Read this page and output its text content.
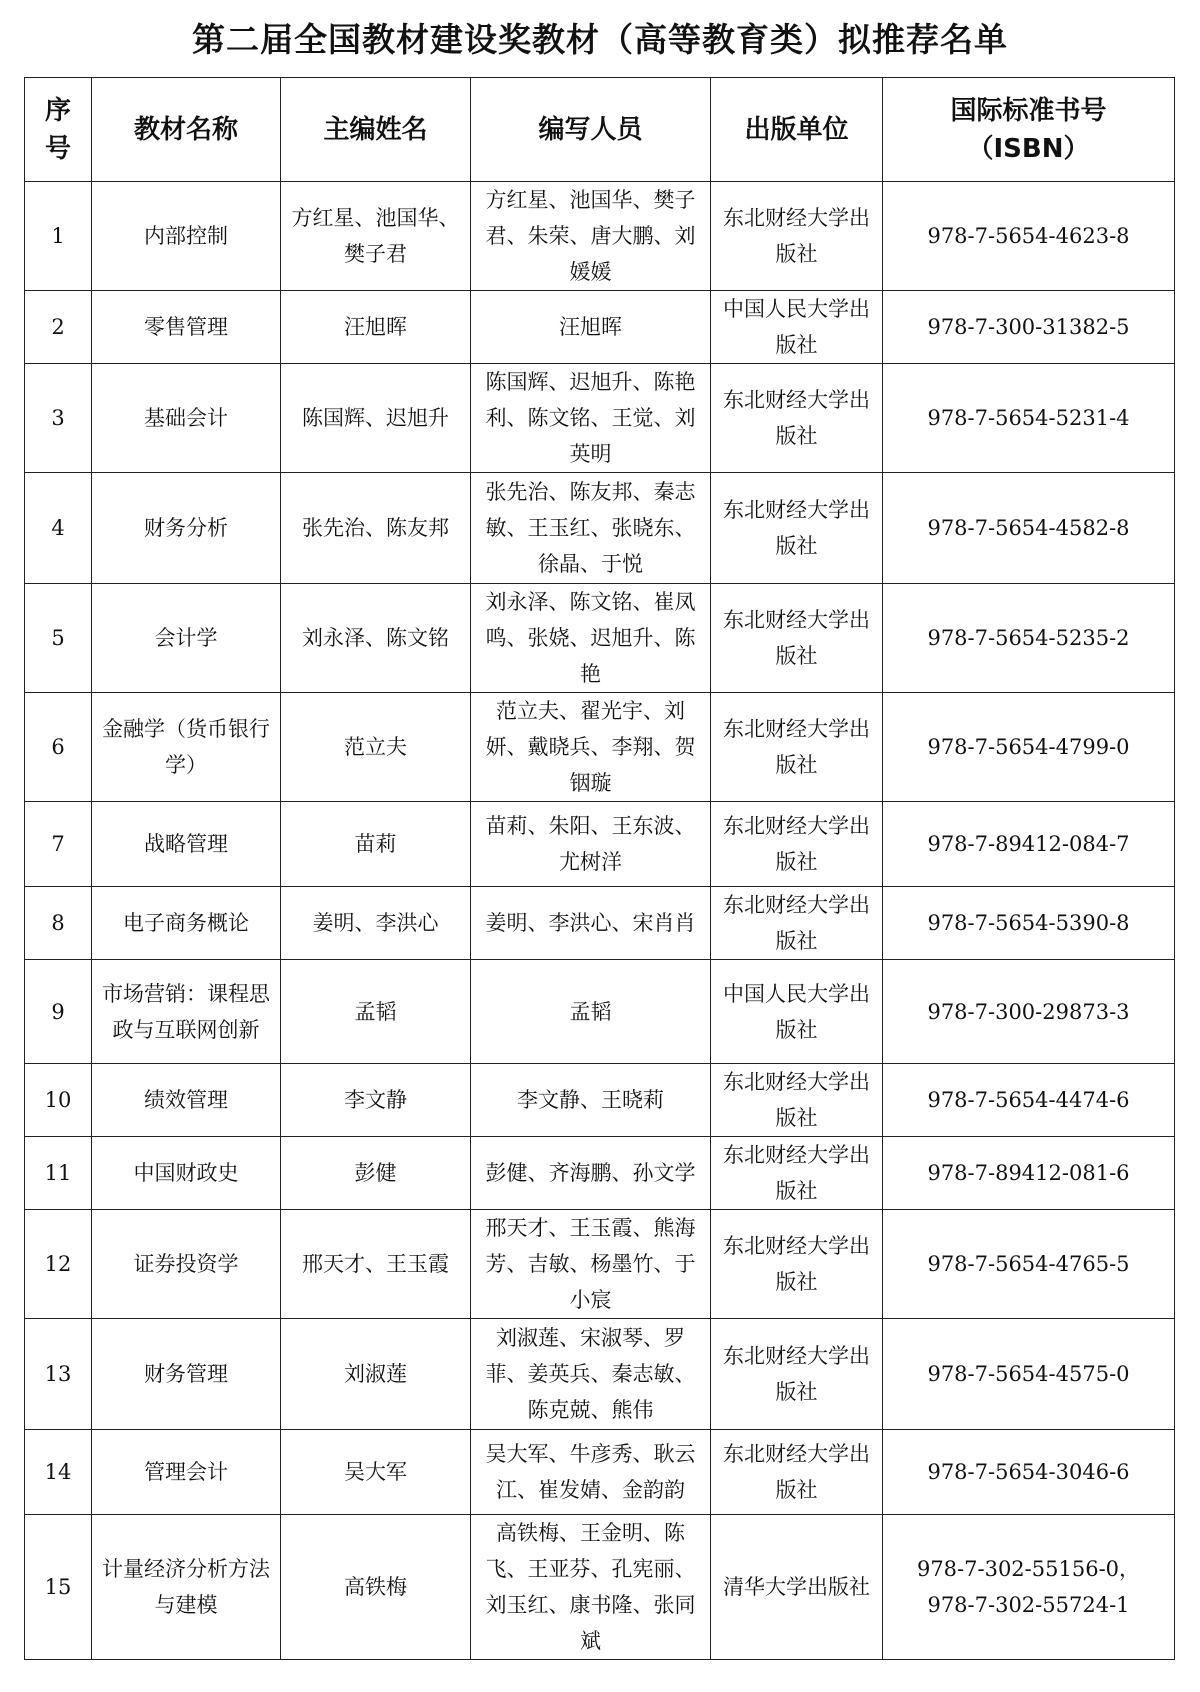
第二届全国教材建设奖教材（高等教育类）拟推荐名单
序号	教材名称	主编姓名	编写人员	出版单位	国际标准书号
（ISBN）

1	内部控制	方红星、池国华、樊子君	方红星、池国华、樊子君、朱荣、唐大鹏、刘媛媛	东北财经大学出版社	978-7-5654-4623-8

2	零售管理	汪旭晖	汪旭晖	中国人民大学出版社	978-7-300-31382-5

3	基础会计	陈国辉、迟旭升	陈国辉、迟旭升、陈艳利、陈文铭、王觉、刘英明	东北财经大学出版社	978-7-5654-5231-4

4	财务分析	张先治、陈友邦	张先治、陈友邦、秦志敏、王玉红、张晓东、徐晶、于悦	东北财经大学出版社	978-7-5654-4582-8

5	会计学	刘永泽、陈文铭	刘永泽、陈文铭、崔凤鸣、张娆、迟旭升、陈艳	东北财经大学出版社	978-7-5654-5235-2

6	金融学（货币银行学）	范立夫	范立夫、翟光宇、刘妍、戴晓兵、李翔、贺铟璇	东北财经大学出版社	978-7-5654-4799-0

7	战略管理	苗莉	苗莉、朱阳、王东波、尤树洋	东北财经大学出版社	978-7-89412-084-7

8	电子商务概论	姜明、李洪心	姜明、李洪心、宋肖肖	东北财经大学出版社	978-7-5654-5390-8

9	市场营销：课程思政与互联网创新	孟韬	孟韬	中国人民大学出版社	978-7-300-29873-3

10	绩效管理	李文静	李文静、王晓莉	东北财经大学出版社	978-7-5654-4474-6

11	中国财政史	彭健	彭健、齐海鹏、孙文学	东北财经大学出版社	978-7-89412-081-6

12	证券投资学	邢天才、王玉霞	邢天才、王玉霞、熊海芳、吉敏、杨墨竹、于小宸	东北财经大学出版社	978-7-5654-4765-5

13	财务管理	刘淑莲	刘淑莲、宋淑琴、罗菲、姜英兵、秦志敏、陈克兢、熊伟	东北财经大学出版社	978-7-5654-4575-0

14	管理会计	吴大军	吴大军、牛彦秀、耿云江、崔发婧、金韵韵	东北财经大学出版社	978-7-5654-3046-6

15	计量经济分析方法与建模	高铁梅	高铁梅、王金明、陈飞、王亚芬、孔宪丽、刘玉红、康书隆、张同斌	清华大学出版社	978-7-302-55156-0，
978-7-302-55724-1
